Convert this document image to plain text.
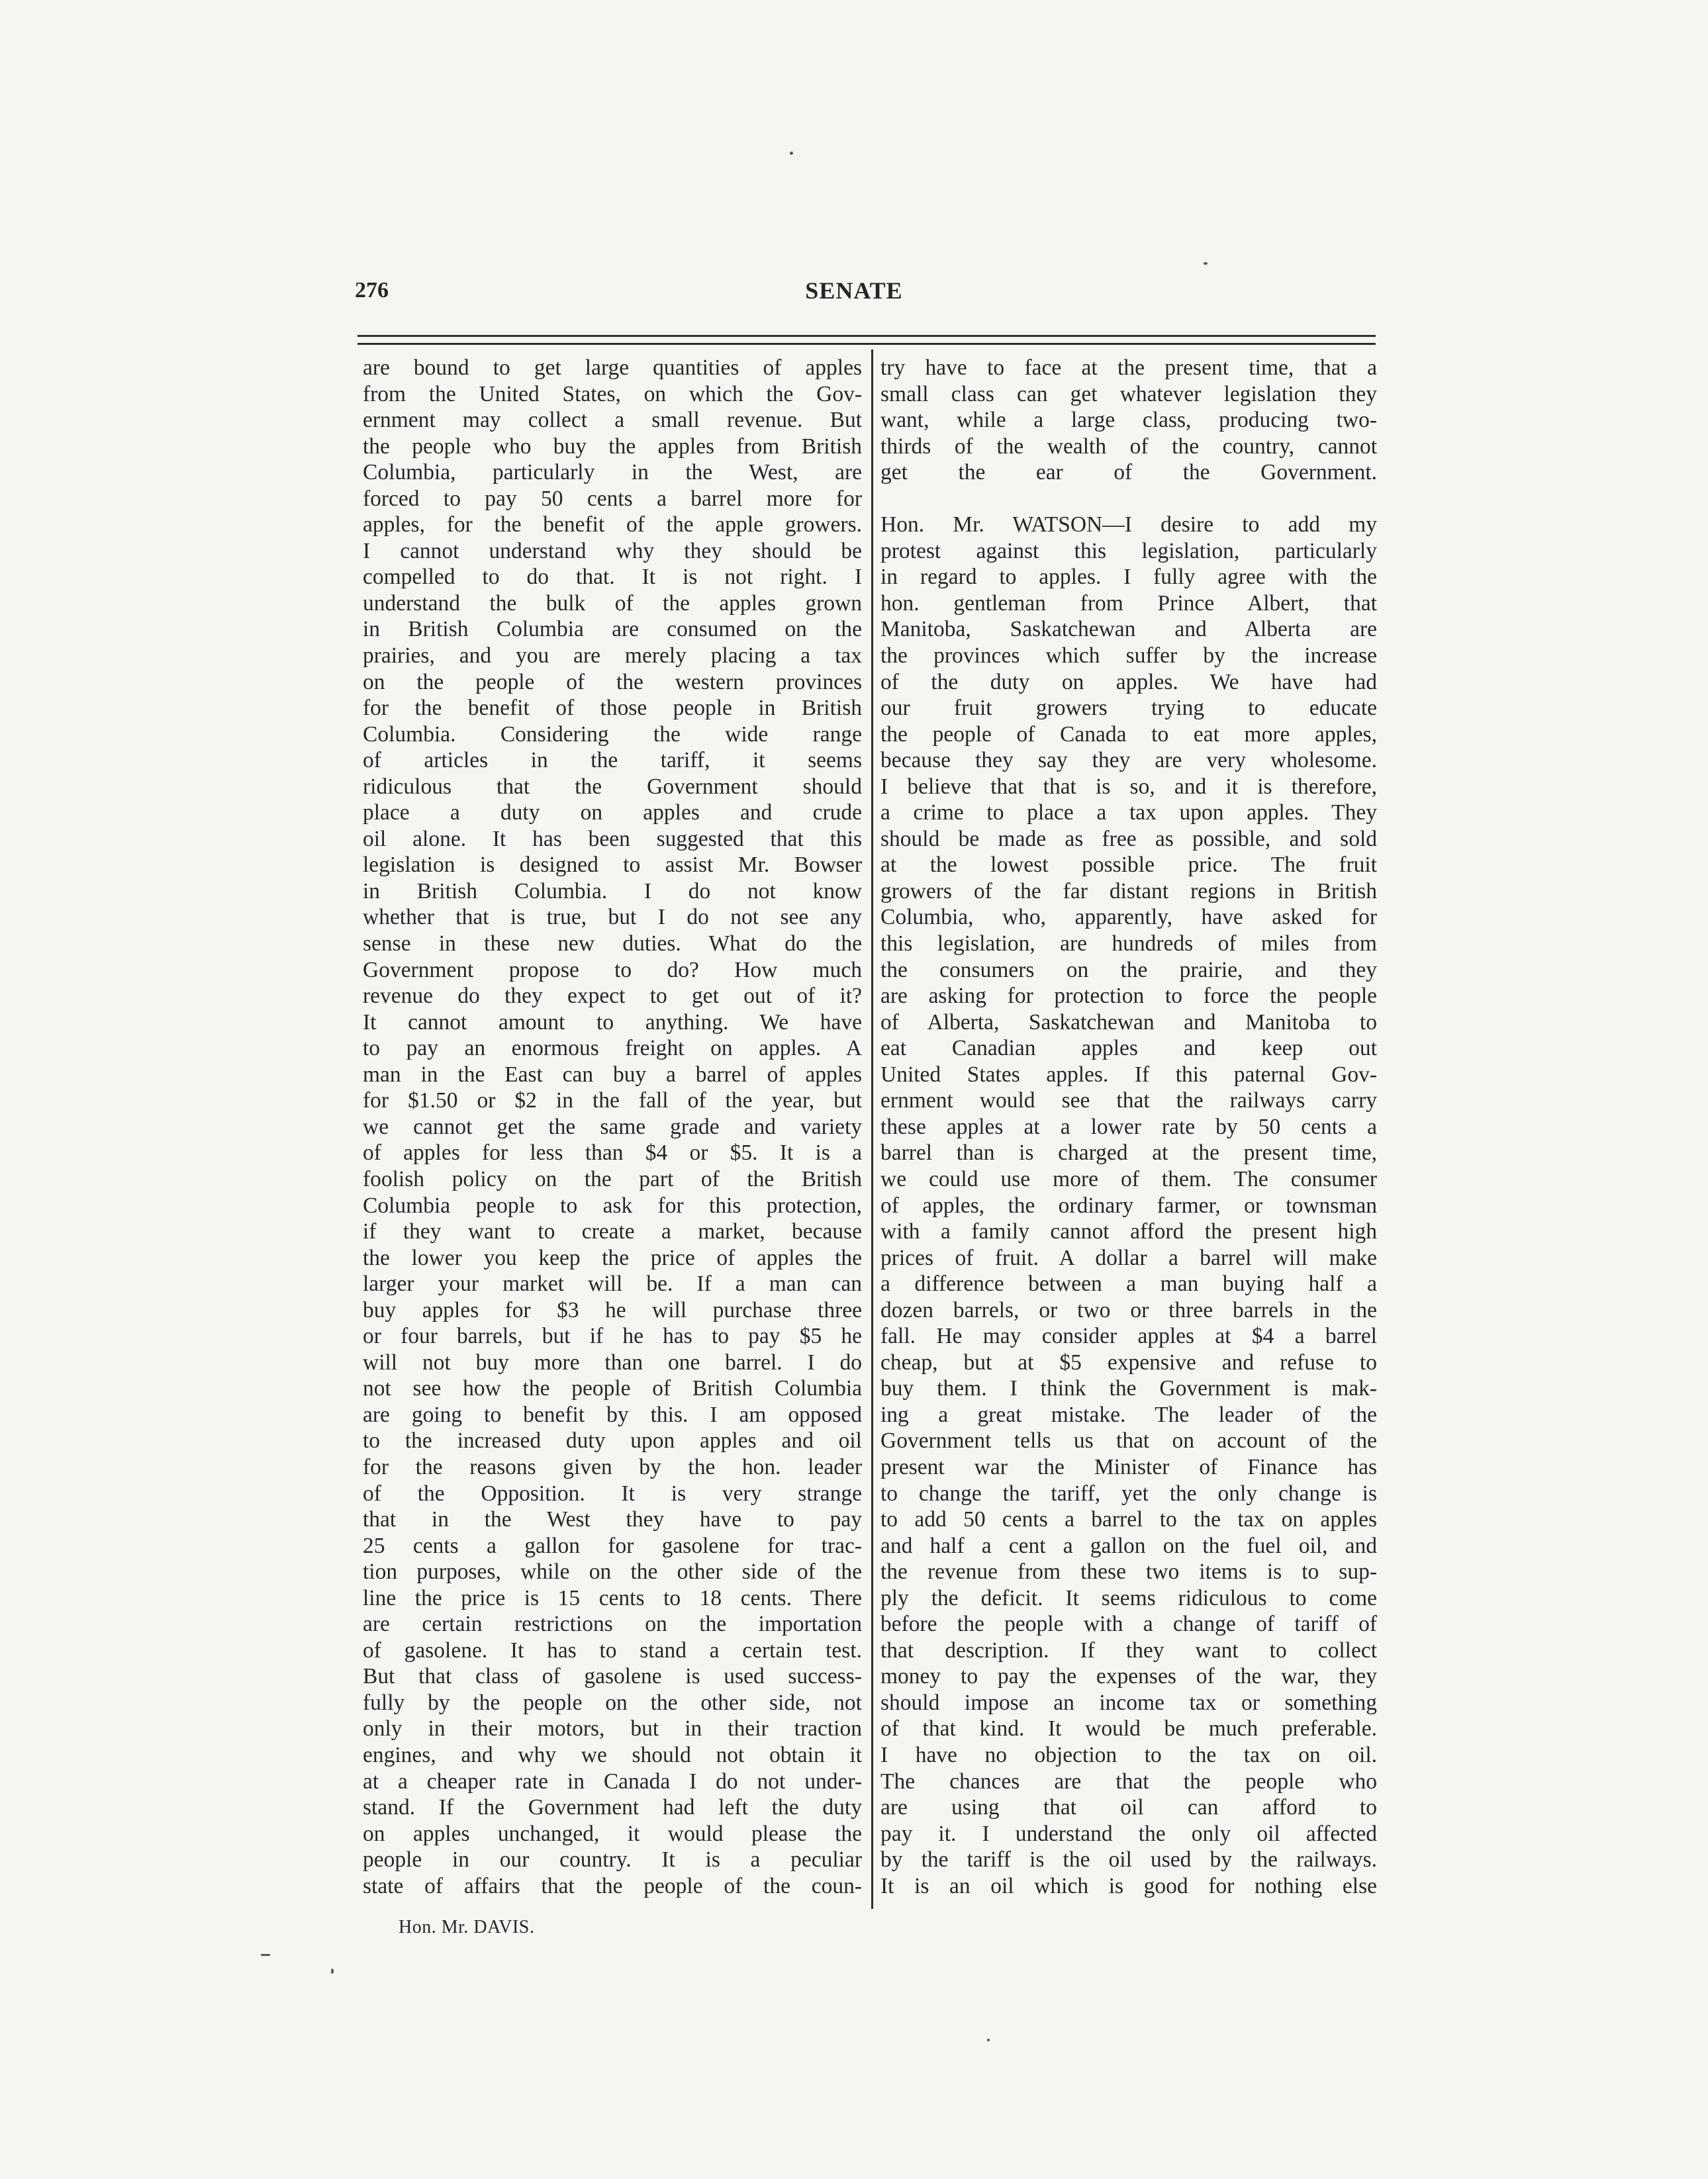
276	SENATE

are bound to get large quantities of apples
from the United States, on which the Gov-
ernment may collect a small revenue. But
the people who buy the apples from British
Columbia, particularly in the West, are
forced to pay 50 cents a barrel more for
apples, for the benefit of the apple growers.
I cannot understand why they should be
compelled to do that. It is not right. I
understand the bulk of the apples grown
in British Columbia are consumed on the
prairies, and you are merely placing a tax
on the people of the western provinces
for the benefit of those people in British
Columbia. Considering the wide range
of articles in the tariff, it seems
ridiculous that the Government should
place a duty on apples and crude
oil alone. It has been suggested that this
legislation is designed to assist Mr. Bowser
in British Columbia. I do not know
whether that is true, but I do not see any
sense in these new duties. What do the
Government propose to do? How much
revenue do they expect to get out of it?
It cannot amount to anything. We have
to pay an enormous freight on apples. A
man in the East can buy a barrel of apples
for $1.50 or $2 in the fall of the year, but
we cannot get the same grade and variety
of apples for less than $4 or $5. It is a
foolish policy on the part of the British
Columbia people to ask for this protection,
if they want to create a market, because
the lower you keep the price of apples the
larger your market will be. If a man can
buy apples for $3 he will purchase three
or four barrels, but if he has to pay $5 he
will not buy more than one barrel. I do
not see how the people of British Columbia
are going to benefit by this. I am opposed
to the increased duty upon apples and oil
for the reasons given by the hon. leader
of the Opposition. It is very strange
that in the West they have to pay
25 cents a gallon for gasolene for trac-
tion purposes, while on the other side of the
line the price is 15 cents to 18 cents. There
are certain restrictions on the importation
of gasolene. It has to stand a certain test.
But that class of gasolene is used success-
fully by the people on the other side, not
only in their motors, but in their traction
engines, and why we should not obtain it
at a cheaper rate in Canada I do not under-
stand. If the Government had left the duty
on apples unchanged, it would please the
people in our country. It is a peculiar
state of affairs that the people of the coun-

try have to face at the present time, that a
small class can get whatever legislation they
want, while a large class, producing two-
thirds of the wealth of the country, cannot
get the ear of the Government.

Hon. Mr. WATSON—I desire to add my
protest against this legislation, particularly
in regard to apples. I fully agree with the
hon. gentleman from Prince Albert, that
Manitoba, Saskatchewan and Alberta are
the provinces which suffer by the increase
of the duty on apples. We have had
our fruit growers trying to educate
the people of Canada to eat more apples,
because they say they are very wholesome.
I believe that that is so, and it is therefore,
a crime to place a tax upon apples. They
should be made as free as possible, and sold
at the lowest possible price. The fruit
growers of the far distant regions in British
Columbia, who, apparently, have asked for
this legislation, are hundreds of miles from
the consumers on the prairie, and they
are asking for protection to force the people
of Alberta, Saskatchewan and Manitoba to
eat Canadian apples and keep out
United States apples. If this paternal Gov-
ernment would see that the railways carry
these apples at a lower rate by 50 cents a
barrel than is charged at the present time,
we could use more of them. The consumer
of apples, the ordinary farmer, or townsman
with a family cannot afford the present high
prices of fruit. A dollar a barrel will make
a difference between a man buying half a
dozen barrels, or two or three barrels in the
fall. He may consider apples at $4 a barrel
cheap, but at $5 expensive and refuse to
buy them. I think the Government is mak-
ing a great mistake. The leader of the
Government tells us that on account of the
present war the Minister of Finance has
to change the tariff, yet the only change is
to add 50 cents a barrel to the tax on apples
and half a cent a gallon on the fuel oil, and
the revenue from these two items is to sup-
ply the deficit. It seems ridiculous to come
before the people with a change of tariff of
that description. If they want to collect
money to pay the expenses of the war, they
should impose an income tax or something
of that kind. It would be much preferable.
I have no objection to the tax on oil.
The chances are that the people who
are using that oil can afford to
pay it. I understand the only oil affected
by the tariff is the oil used by the railways.
It is an oil which is good for nothing else

Hon. Mr. DAVIS.
